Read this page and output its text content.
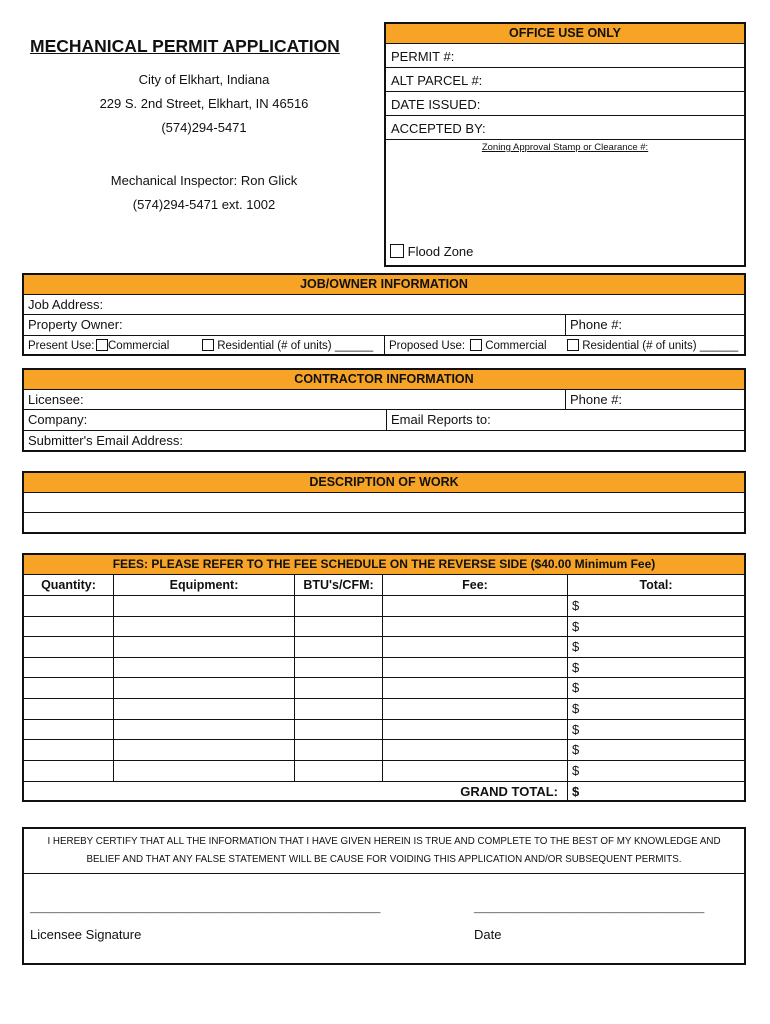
MECHANICAL PERMIT APPLICATION
City of Elkhart, Indiana
229 S. 2nd Street, Elkhart, IN 46516
(574)294-5471
Mechanical Inspector: Ron Glick
(574)294-5471 ext. 1002
OFFICE USE ONLY
PERMIT #:
ALT PARCEL #:
DATE ISSUED:
ACCEPTED BY:
Zoning Approval Stamp or Clearance #:
Flood Zone
JOB/OWNER INFORMATION
Job Address:
Property Owner:	Phone #:
Present Use:	Commercial	Residential (# of units) ______ Proposed Use:	Commercial	Residential (# of units) ______
CONTRACTOR INFORMATION
Licensee:	Phone #:
Company:	Email Reports to:
Submitter's Email Address:
DESCRIPTION OF WORK
FEES: PLEASE REFER TO THE FEE SCHEDULE ON THE REVERSE SIDE ($40.00 Minimum Fee)
Quantity:	Equipment:	BTU's/CFM:	Fee:	Total:
$
$
$
$
$
$
$
$
$
GRAND TOTAL: $
I HEREBY CERTIFY THAT ALL THE INFORMATION THAT I HAVE GIVEN HEREIN IS TRUE AND COMPLETE TO THE BEST OF MY KNOWLEDGE AND
BELIEF AND THAT ANY FALSE STATEMENT WILL BE CAUSE FOR VOIDING THIS APPLICATION AND/OR SUBSEQUENT PERMITS.
______________________________________________________________________	______________________________________________
Licensee Signature	Date
